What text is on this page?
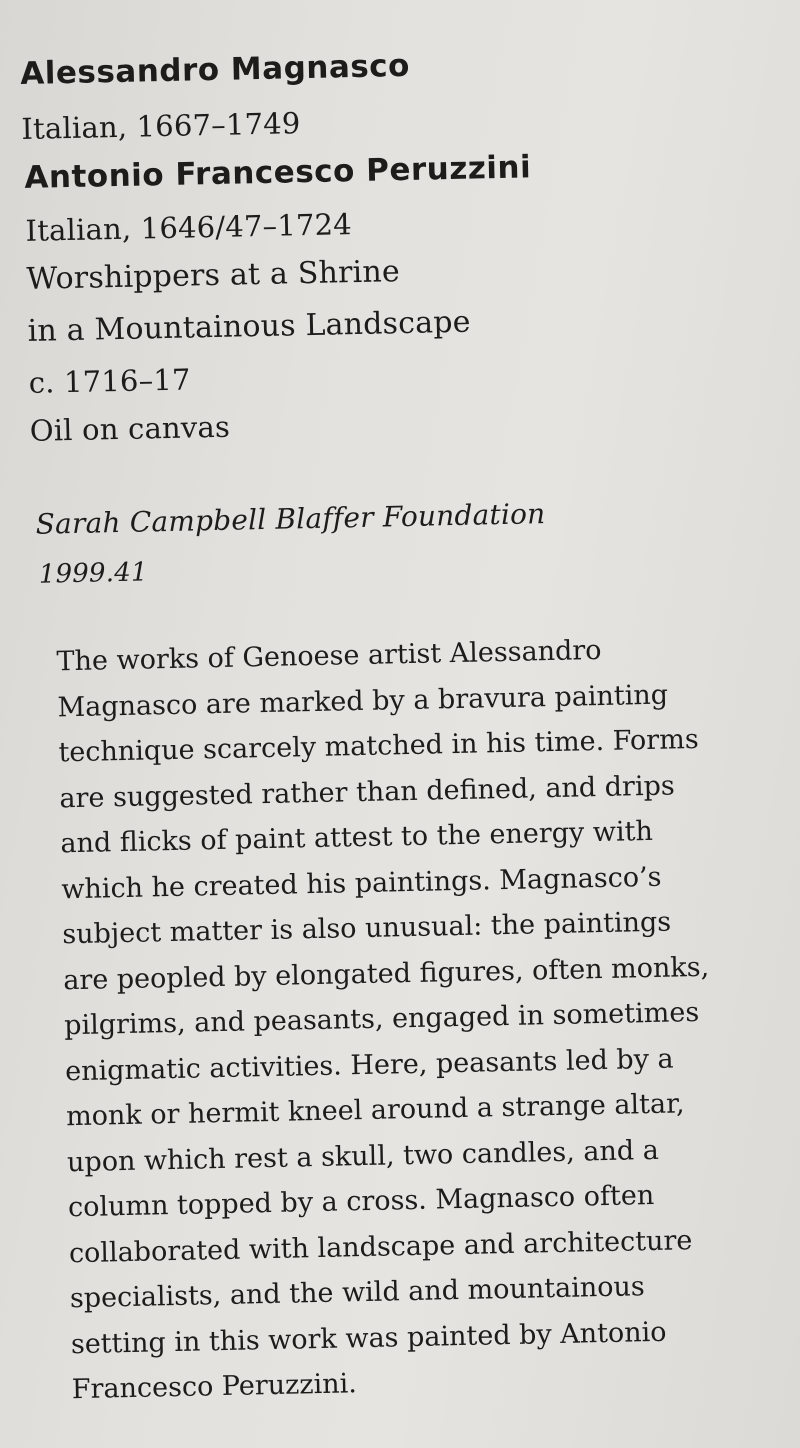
Alessandro Magnasco
Italian, 1667–1749
Antonio Francesco Peruzzini
Italian, 1646/47–1724
Worshippers at a Shrine
in a Mountainous Landscape
c. 1716–17
Oil on canvas
Sarah Campbell Blaffer Foundation
1999.41
The works of Genoese artist Alessandro
Magnasco are marked by a bravura painting
technique scarcely matched in his time. Forms
are suggested rather than defined, and drips
and flicks of paint attest to the energy with
which he created his paintings. Magnasco’s
subject matter is also unusual: the paintings
are peopled by elongated figures, often monks,
pilgrims, and peasants, engaged in sometimes
enigmatic activities. Here, peasants led by a
monk or hermit kneel around a strange altar,
upon which rest a skull, two candles, and a
column topped by a cross. Magnasco often
collaborated with landscape and architecture
specialists, and the wild and mountainous
setting in this work was painted by Antonio
Francesco Peruzzini.
